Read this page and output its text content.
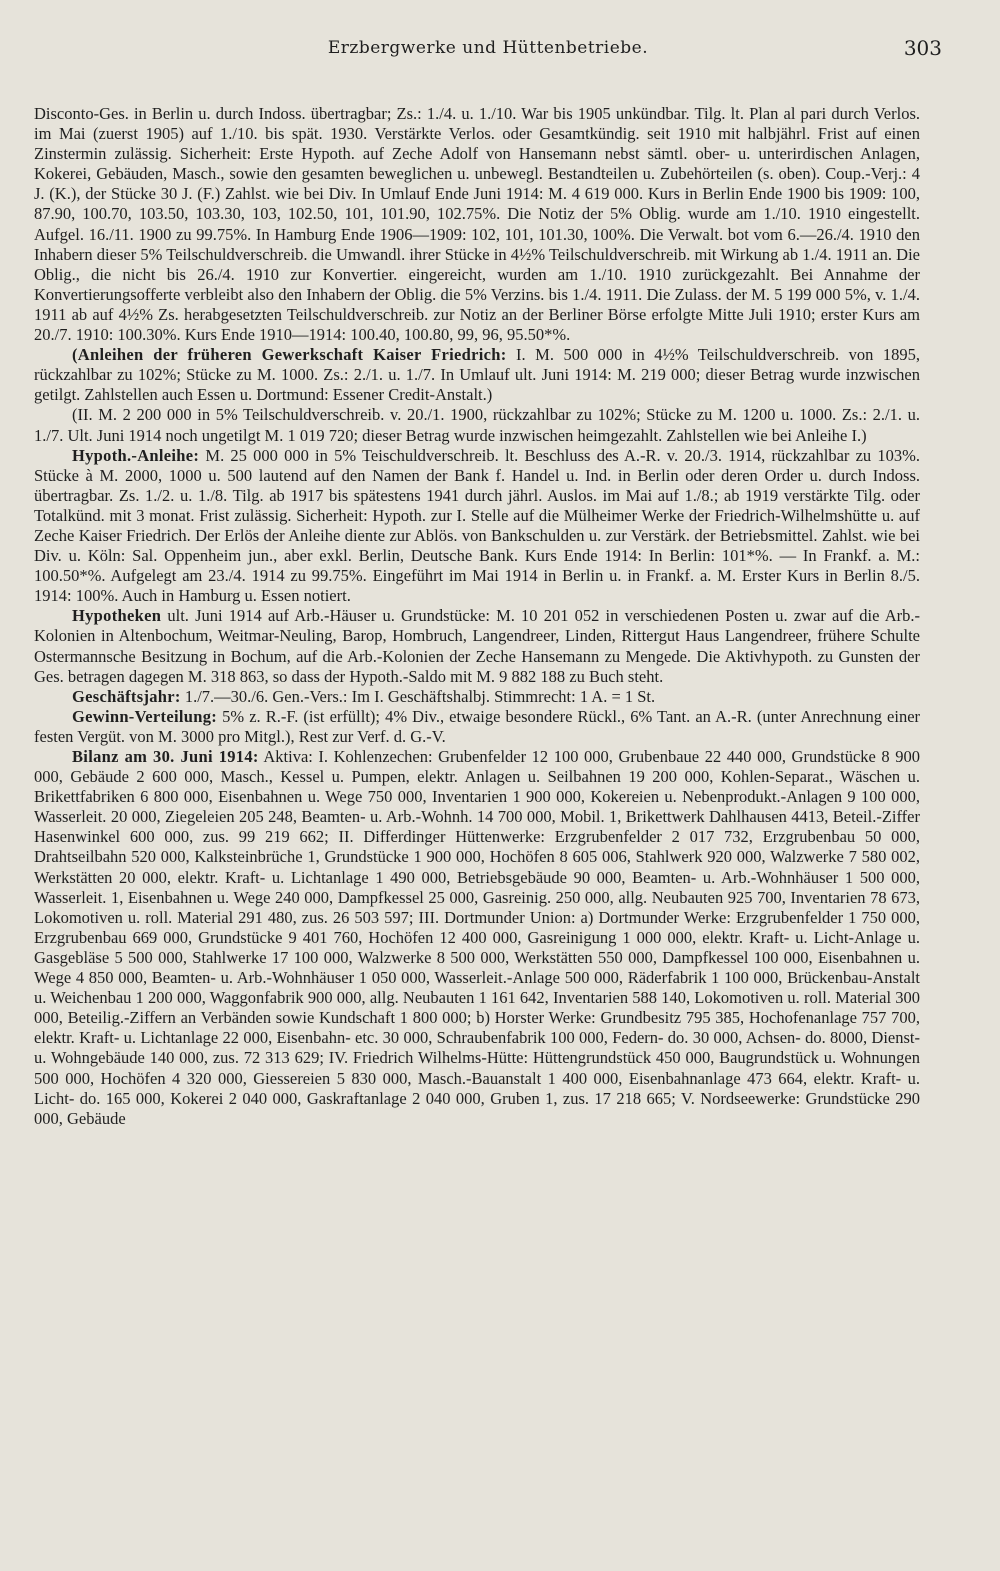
Erzbergwerke und Hüttenbetriebe.	303

Disconto-Ges. in Berlin u. durch Indoss. übertragbar; Zs.: 1./4. u. 1./10. War bis 1905 unkündbar. Tilg. lt. Plan al pari durch Verlos. im Mai (zuerst 1905) auf 1./10. bis spät. 1930. Verstärkte Verlos. oder Gesamtkündig. seit 1910 mit halbjährl. Frist auf einen Zinstermin zulässig. Sicherheit: Erste Hypoth. auf Zeche Adolf von Hansemann nebst sämtl. ober- u. unterirdischen Anlagen, Kokerei, Gebäuden, Masch., sowie den gesamten beweglichen u. unbewegl. Bestandteilen u. Zubehörteilen (s. oben). Coup.-Verj.: 4 J. (K.), der Stücke 30 J. (F.) Zahlst. wie bei Div. In Umlauf Ende Juni 1914: M. 4 619 000. Kurs in Berlin Ende 1900 bis 1909: 100, 87.90, 100.70, 103.50, 103.30, 103, 102.50, 101, 101.90, 102.75%. Die Notiz der 5% Oblig. wurde am 1./10. 1910 eingestellt. Aufgel. 16./11. 1900 zu 99.75%. In Hamburg Ende 1906—1909: 102, 101, 101.30, 100%. Die Verwalt. bot vom 6.—26./4. 1910 den Inhabern dieser 5% Teilschuldverschreib. die Umwandl. ihrer Stücke in 4½% Teilschuldverschreib. mit Wirkung ab 1./4. 1911 an. Die Oblig., die nicht bis 26./4. 1910 zur Konvertier. eingereicht, wurden am 1./10. 1910 zurückgezahlt. Bei Annahme der Konvertierungsofferte verbleibt also den Inhabern der Oblig. die 5% Verzins. bis 1./4. 1911. Die Zulass. der M. 5 199 000 5%, v. 1./4. 1911 ab auf 4½% Zs. herabgesetzten Teilschuldverschreib. zur Notiz an der Berliner Börse erfolgte Mitte Juli 1910; erster Kurs am 20./7. 1910: 100.30%. Kurs Ende 1910—1914: 100.40, 100.80, 99, 96, 95.50*%.

(Anleihen der früheren Gewerkschaft Kaiser Friedrich: I. M. 500 000 in 4½% Teilschuldverschreib. von 1895, rückzahlbar zu 102%; Stücke zu M. 1000. Zs.: 2./1. u. 1./7. In Umlauf ult. Juni 1914: M. 219 000; dieser Betrag wurde inzwischen getilgt. Zahlstellen auch Essen u. Dortmund: Essener Credit-Anstalt.)

(II. M. 2 200 000 in 5% Teilschuldverschreib. v. 20./1. 1900, rückzahlbar zu 102%; Stücke zu M. 1200 u. 1000. Zs.: 2./1. u. 1./7. Ult. Juni 1914 noch ungetilgt M. 1 019 720; dieser Betrag wurde inzwischen heimgezahlt. Zahlstellen wie bei Anleihe I.)

Hypoth.-Anleihe: M. 25 000 000 in 5% Teischuldverschreib. lt. Beschluss des A.-R. v. 20./3. 1914, rückzahlbar zu 103%. Stücke à M. 2000, 1000 u. 500 lautend auf den Namen der Bank f. Handel u. Ind. in Berlin oder deren Order u. durch Indoss. übertragbar. Zs. 1./2. u. 1./8. Tilg. ab 1917 bis spätestens 1941 durch jährl. Auslos. im Mai auf 1./8.; ab 1919 verstärkte Tilg. oder Totalkünd. mit 3 monat. Frist zulässig. Sicherheit: Hypoth. zur I. Stelle auf die Mülheimer Werke der Friedrich-Wilhelmshütte u. auf Zeche Kaiser Friedrich. Der Erlös der Anleihe diente zur Ablös. von Bankschulden u. zur Verstärk. der Betriebsmittel. Zahlst. wie bei Div. u. Köln: Sal. Oppenheim jun., aber exkl. Berlin, Deutsche Bank. Kurs Ende 1914: In Berlin: 101*%. — In Frankf. a. M.: 100.50*%. Aufgelegt am 23./4. 1914 zu 99.75%. Eingeführt im Mai 1914 in Berlin u. in Frankf. a. M. Erster Kurs in Berlin 8./5. 1914: 100%. Auch in Hamburg u. Essen notiert.

Hypotheken ult. Juni 1914 auf Arb.-Häuser u. Grundstücke: M. 10 201 052 in verschiedenen Posten u. zwar auf die Arb.-Kolonien in Altenbochum, Weitmar-Neuling, Barop, Hombruch, Langendreer, Linden, Rittergut Haus Langendreer, frühere Schulte Ostermannsche Besitzung in Bochum, auf die Arb.-Kolonien der Zeche Hansemann zu Mengede. Die Aktivhypoth. zu Gunsten der Ges. betragen dagegen M. 318 863, so dass der Hypoth.-Saldo mit M. 9 882 188 zu Buch steht.

Geschäftsjahr: 1./7.—30./6. Gen.-Vers.: Im I. Geschäftshalbj. Stimmrecht: 1 A. = 1 St.

Gewinn-Verteilung: 5% z. R.-F. (ist erfüllt); 4% Div., etwaige besondere Rückl., 6% Tant. an A.-R. (unter Anrechnung einer festen Vergüt. von M. 3000 pro Mitgl.), Rest zur Verf. d. G.-V.

Bilanz am 30. Juni 1914: Aktiva: I. Kohlenzechen: Grubenfelder 12 100 000, Grubenbaue 22 440 000, Grundstücke 8 900 000, Gebäude 2 600 000, Masch., Kessel u. Pumpen, elektr. Anlagen u. Seilbahnen 19 200 000, Kohlen-Separat., Wäschen u. Brikettfabriken 6 800 000, Eisenbahnen u. Wege 750 000, Inventarien 1 900 000, Kokereien u. Nebenprodukt.-Anlagen 9 100 000, Wasserleit. 20 000, Ziegeleien 205 248, Beamten- u. Arb.-Wohnh. 14 700 000, Mobil. 1, Brikettwerk Dahlhausen 4413, Beteil.-Ziffer Hasenwinkel 600 000, zus. 99 219 662; II. Differdinger Hüttenwerke: Erzgrubenfelder 2 017 732, Erzgrubenbau 50 000, Drahtseilbahn 520 000, Kalksteinbrüche 1, Grundstücke 1 900 000, Hochöfen 8 605 006, Stahlwerk 920 000, Walzwerke 7 580 002, Werkstätten 20 000, elektr. Kraft- u. Lichtanlage 1 490 000, Betriebsgebäude 90 000, Beamten- u. Arb.-Wohnhäuser 1 500 000, Wasserleit. 1, Eisenbahnen u. Wege 240 000, Dampfkessel 25 000, Gasreinig. 250 000, allg. Neubauten 925 700, Inventarien 78 673, Lokomotiven u. roll. Material 291 480, zus. 26 503 597; III. Dortmunder Union: a) Dortmunder Werke: Erzgrubenfelder 1 750 000, Erzgrubenbau 669 000, Grundstücke 9 401 760, Hochöfen 12 400 000, Gasreinigung 1 000 000, elektr. Kraft- u. Licht-Anlage u. Gasgebläse 5 500 000, Stahlwerke 17 100 000, Walzwerke 8 500 000, Werkstätten 550 000, Dampfkessel 100 000, Eisenbahnen u. Wege 4 850 000, Beamten- u. Arb.-Wohnhäuser 1 050 000, Wasserleit.-Anlage 500 000, Räderfabrik 1 100 000, Brückenbau-Anstalt u. Weichenbau 1 200 000, Waggonfabrik 900 000, allg. Neubauten 1 161 642, Inventarien 588 140, Lokomotiven u. roll. Material 300 000, Beteilig.-Ziffern an Verbänden sowie Kundschaft 1 800 000; b) Horster Werke: Grundbesitz 795 385, Hochofenanlage 757 700, elektr. Kraft- u. Lichtanlage 22 000, Eisenbahn- etc. 30 000, Schraubenfabrik 100 000, Federn- do. 30 000, Achsen- do. 8000, Dienst- u. Wohngebäude 140 000, zus. 72 313 629; IV. Friedrich Wilhelms-Hütte: Hüttengrundstück 450 000, Baugrundstück u. Wohnungen 500 000, Hochöfen 4 320 000, Giessereien 5 830 000, Masch.-Bauanstalt 1 400 000, Eisenbahnanlage 473 664, elektr. Kraft- u. Licht- do. 165 000, Kokerei 2 040 000, Gaskraftanlage 2 040 000, Gruben 1, zus. 17 218 665; V. Nordseewerke: Grundstücke 290 000, Gebäude
